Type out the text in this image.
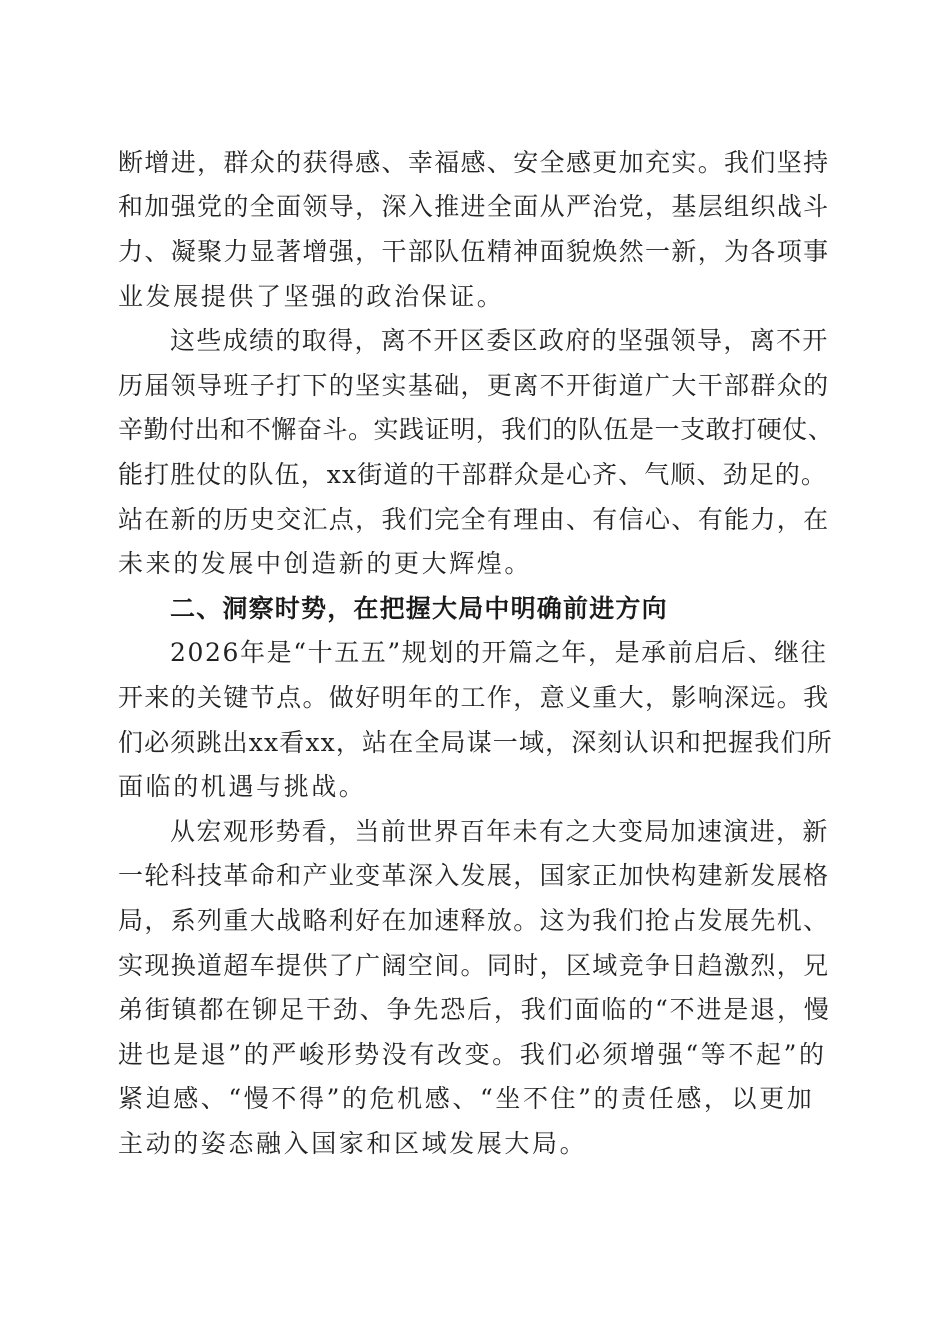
断增进，群众的获得感、幸福感、安全感更加充实。我们坚持
和加强党的全面领导，深入推进全面从严治党，基层组织战斗
力、凝聚力显著增强，干部队伍精神面貌焕然一新，为各项事
业发展提供了坚强的政治保证。
这些成绩的取得，离不开区委区政府的坚强领导，离不开
历届领导班子打下的坚实基础，更离不开街道广大干部群众的
辛勤付出和不懈奋斗。实践证明，我们的队伍是一支敢打硬仗、
能打胜仗的队伍，xx街道的干部群众是心齐、气顺、劲足的。
站在新的历史交汇点，我们完全有理由、有信心、有能力，在
未来的发展中创造新的更大辉煌。
二、洞察时势，在把握大局中明确前进方向
2026年是“十五五”规划的开篇之年，是承前启后、继往
开来的关键节点。做好明年的工作，意义重大，影响深远。我
们必须跳出xx看xx，站在全局谋一域，深刻认识和把握我们所
面临的机遇与挑战。
从宏观形势看，当前世界百年未有之大变局加速演进，新
一轮科技革命和产业变革深入发展，国家正加快构建新发展格
局，系列重大战略利好在加速释放。这为我们抢占发展先机、
实现换道超车提供了广阔空间。同时，区域竞争日趋激烈，兄
弟街镇都在铆足干劲、争先恐后，我们面临的“不进是退，慢
进也是退”的严峻形势没有改变。我们必须增强“等不起”的
紧迫感、“慢不得”的危机感、“坐不住”的责任感，以更加
主动的姿态融入国家和区域发展大局。
